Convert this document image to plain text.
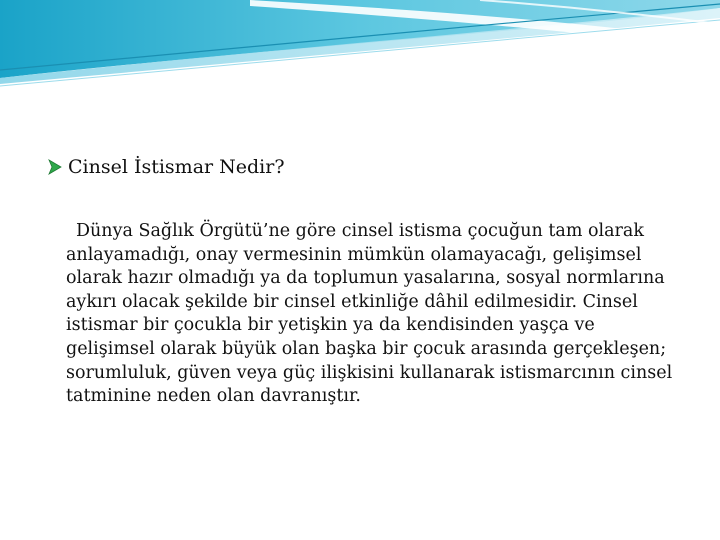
Cinsel İstismar Nedir?

Dünya Sağlık Örgütü’ne göre cinsel istisma çocuğun tam olarak anlayamadığı, onay vermesinin mümkün olamayacağı, gelişimsel olarak hazır olmadığı ya da toplumun yasalarına, sosyal normlarına aykırı olacak şekilde bir cinsel etkinliğe dâhil edilmesidir. Cinsel istismar bir çocukla bir yetişkin ya da kendisinden yaşça ve gelişimsel olarak büyük olan başka bir çocuk arasında gerçekleşen; sorumluluk, güven veya güç ilişkisini kullanarak istismarcının cinsel tatminine neden olan davranıştır.
